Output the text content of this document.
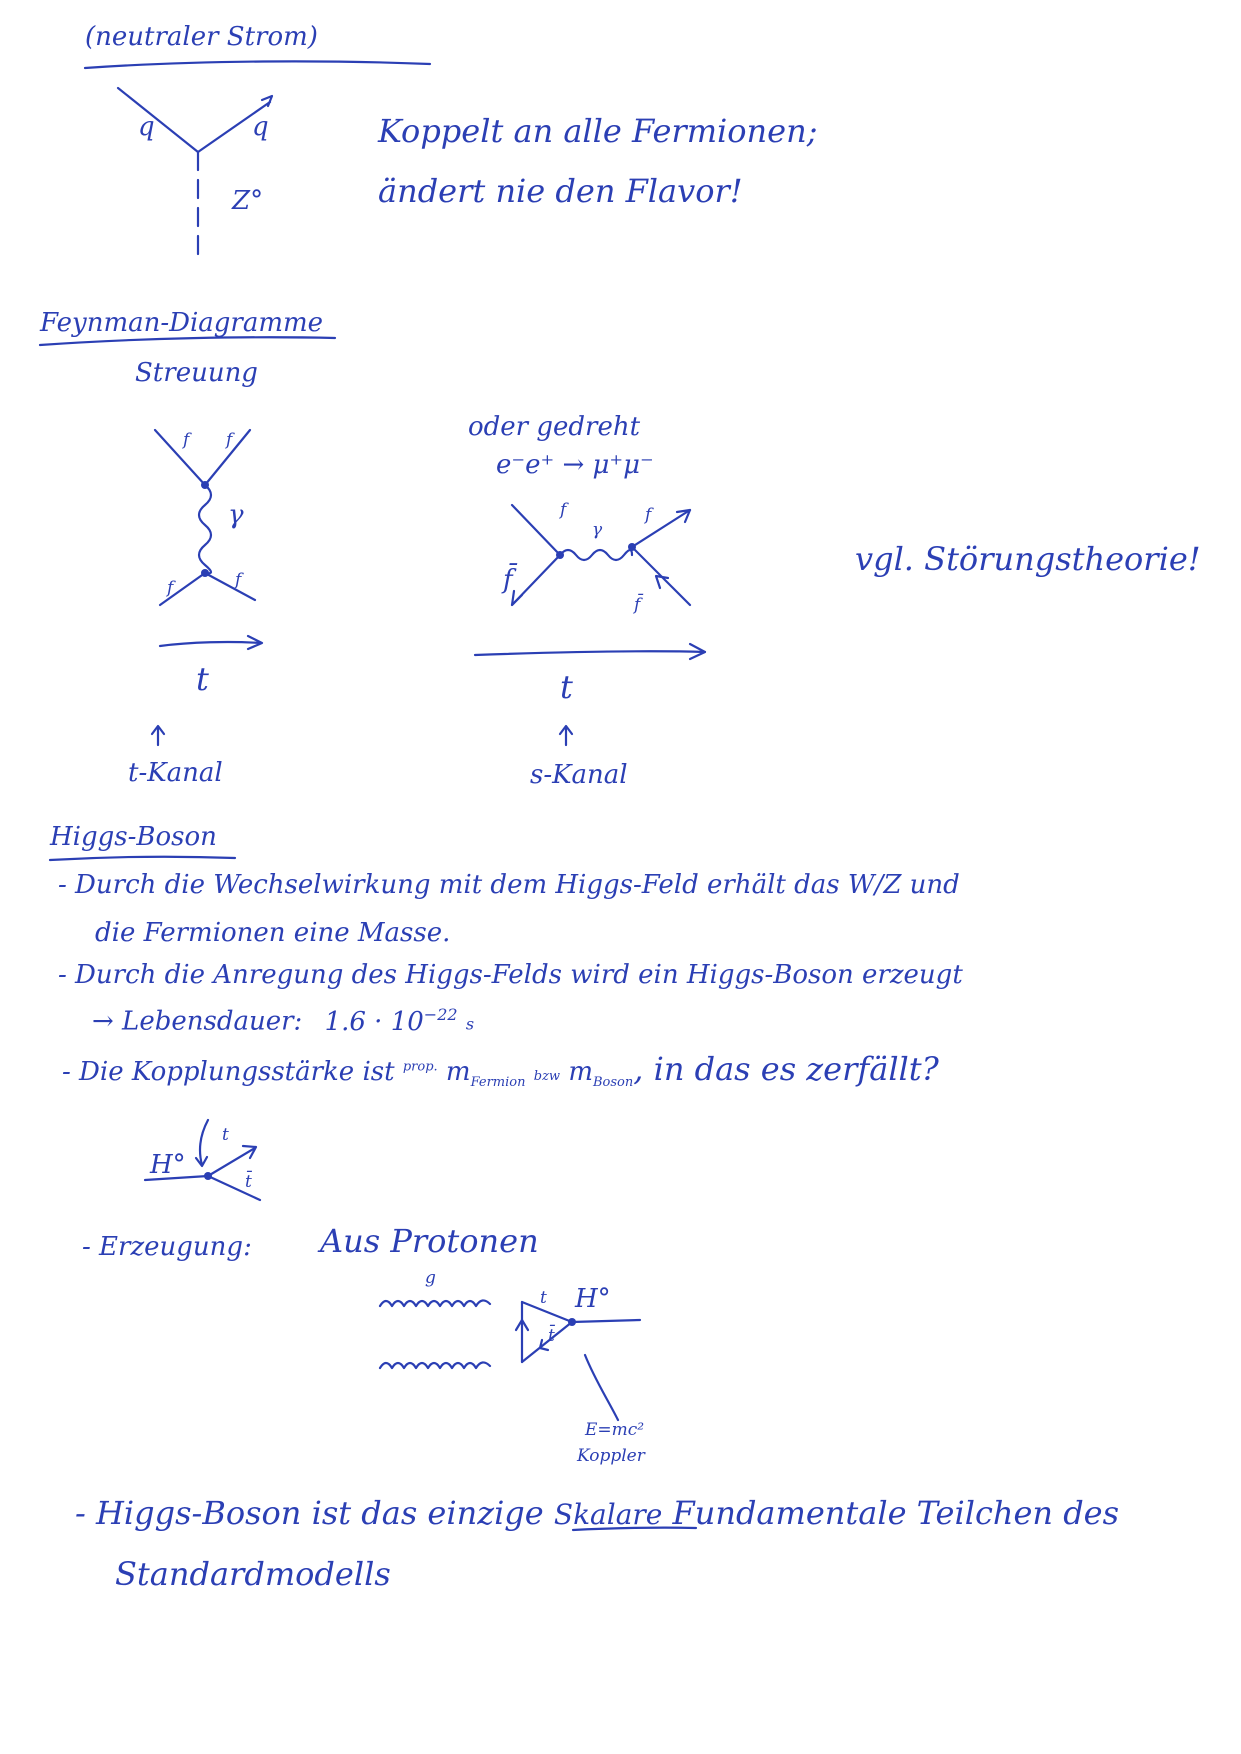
(neutraler Strom)
q	q
Z°
Koppelt an alle Fermionen;
ändert nie den Flavor!
Feynman-Diagramme
Streuung
f f
γ
f	f
t
t-Kanal
oder gedreht
e⁻e⁺ → μ⁺μ⁻
f
γ
f
f̄
f̄
t
s-Kanal
vgl. Störungstheorie!
Higgs-Boson
- Durch die Wechselwirkung mit dem Higgs-Feld erhält das W/Z und
die Fermionen eine Masse.
- Durch die Anregung des Higgs-Felds wird ein Higgs-Boson erzeugt
→ Lebensdauer: $1.6 \cdot 10^{-22}$ s
- Die Kopplungsstärke ist $^{prop.}$ $m_{Fermion}$ bzw $m_{Boson}$, in das es zerfällt?
H°
t
t̄
- Erzeugung: Aus Protonen
g
t
t̄
H°
E=mc²
Koppler
- Higgs-Boson ist das einzige Skalare Fundamentale Teilchen des
Standardmodells
